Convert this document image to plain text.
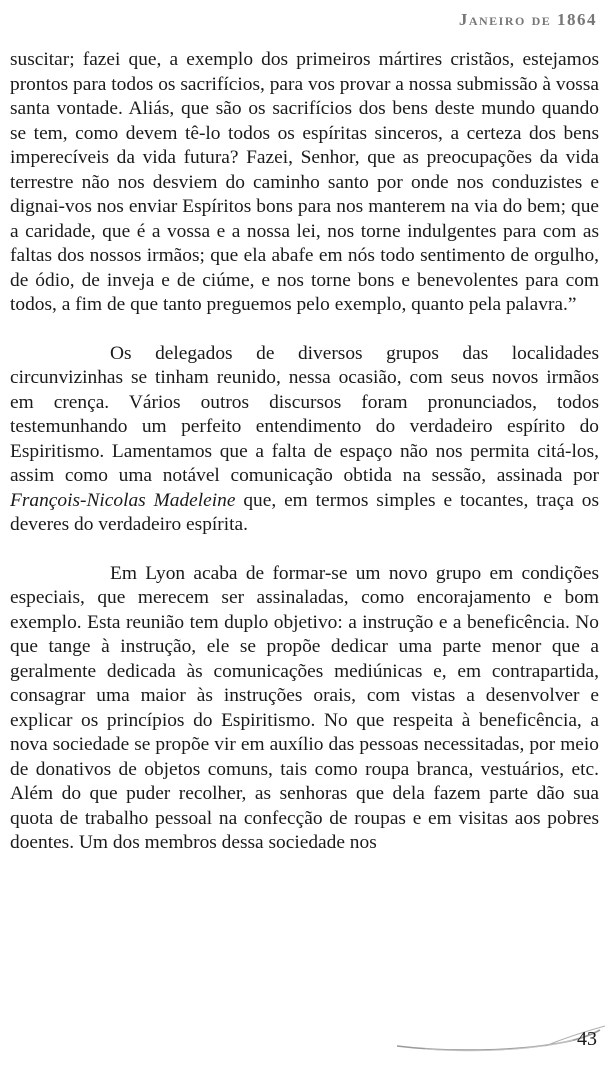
Janeiro de 1864

suscitar; fazei que, a exemplo dos primeiros mártires cristãos, estejamos prontos para todos os sacrifícios, para vos provar a nossa submissão à vossa santa vontade. Aliás, que são os sacrifícios dos bens deste mundo quando se tem, como devem tê-lo todos os espíritas sinceros, a certeza dos bens imperecíveis da vida futura? Fazei, Senhor, que as preocupações da vida terrestre não nos desviem do caminho santo por onde nos conduzistes e dignai-vos nos enviar Espíritos bons para nos manterem na via do bem; que a caridade, que é a vossa e a nossa lei, nos torne indulgentes para com as faltas dos nossos irmãos; que ela abafe em nós todo sentimento de orgulho, de ódio, de inveja e de ciúme, e nos torne bons e benevolentes para com todos, a fim de que tanto preguemos pelo exemplo, quanto pela palavra.”

Os delegados de diversos grupos das localidades circunvizinhas se tinham reunido, nessa ocasião, com seus novos irmãos em crença. Vários outros discursos foram pronunciados, todos testemunhando um perfeito entendimento do verdadeiro espírito do Espiritismo. Lamentamos que a falta de espaço não nos permita citá-los, assim como uma notável comunicação obtida na sessão, assinada por François-Nicolas Madeleine que, em termos simples e tocantes, traça os deveres do verdadeiro espírita.

Em Lyon acaba de formar-se um novo grupo em condições especiais, que merecem ser assinaladas, como encorajamento e bom exemplo. Esta reunião tem duplo objetivo: a instrução e a beneficência. No que tange à instrução, ele se propõe dedicar uma parte menor que a geralmente dedicada às comunicações mediúnicas e, em contrapartida, consagrar uma maior às instruções orais, com vistas a desenvolver e explicar os princípios do Espiritismo. No que respeita à beneficência, a nova sociedade se propõe vir em auxílio das pessoas necessitadas, por meio de donativos de objetos comuns, tais como roupa branca, vestuários, etc. Além do que puder recolher, as senhoras que dela fazem parte dão sua quota de trabalho pessoal na confecção de roupas e em visitas aos pobres doentes. Um dos membros dessa sociedade nos

43
